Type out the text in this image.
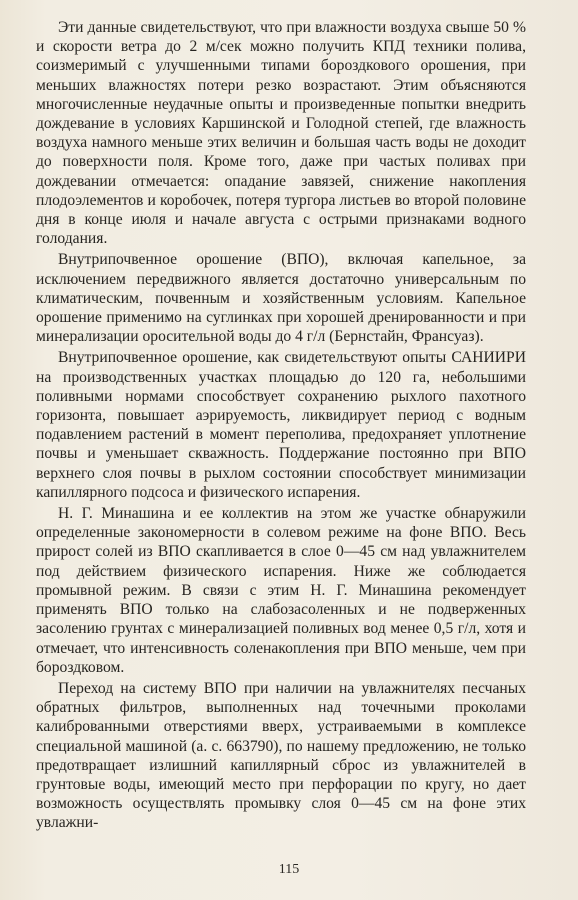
Эти данные свидетельствуют, что при влажности воздуха свыше 50 % и скорости ветра до 2 м/сек можно получить КПД техники полива, соизмеримый с улучшенными типами бороздкового орошения, при меньших влажностях потери резко возрастают. Этим объясняются многочисленные неудачные опыты и произведенные попытки внедрить дождевание в условиях Каршинской и Голодной степей, где влажность воздуха намного меньше этих величин и большая часть воды не доходит до поверхности поля. Кроме того, даже при частых поливах при дождевании отмечается: опадание завязей, снижение накопления плодоэлементов и коробочек, потеря тургора листьев во второй половине дня в конце июля и начале августа с острыми признаками водного голодания.

Внутрипочвенное орошение (ВПО), включая капельное, за исключением передвижного является достаточно универсальным по климатическим, почвенным и хозяйственным условиям. Капельное орошение применимо на суглинках при хорошей дренированности и при минерализации оросительной воды до 4 г/л (Бернстайн, Франсуаз).

Внутрипочвенное орошение, как свидетельствуют опыты САНИИРИ на производственных участках площадью до 120 га, небольшими поливными нормами способствует сохранению рыхлого пахотного горизонта, повышает аэрируемость, ликвидирует период с водным подавлением растений в момент переполива, предохраняет уплотнение почвы и уменьшает скважность. Поддержание постоянно при ВПО верхнего слоя почвы в рыхлом состоянии способствует минимизации капиллярного подсоса и физического испарения.

Н. Г. Минашина и ее коллектив на этом же участке обнаружили определенные закономерности в солевом режиме на фоне ВПО. Весь прирост солей из ВПО скапливается в слое 0—45 см над увлажнителем под действием физического испарения. Ниже же соблюдается промывной режим. В связи с этим Н. Г. Минашина рекомендует применять ВПО только на слабозасоленных и не подверженных засолению грунтах с минерализацией поливных вод менее 0,5 г/л, хотя и отмечает, что интенсивность соленакопления при ВПО меньше, чем при бороздковом.

Переход на систему ВПО при наличии на увлажнителях песчаных обратных фильтров, выполненных над точечными проколами калиброванными отверстиями вверх, устраиваемыми в комплексе специальной машиной (а. с. 663790), по нашему предложению, не только предотвращает излишний капиллярный сброс из увлажнителей в грунтовые воды, имеющий место при перфорации по кругу, но дает возможность осуществлять промывку слоя 0—45 см на фоне этих увлажни-

115
